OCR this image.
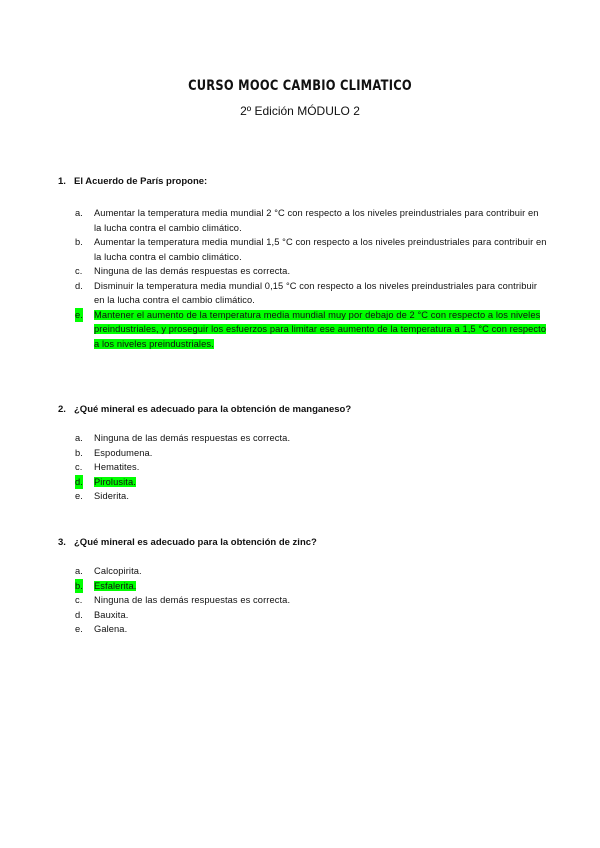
CURSO MOOC CAMBIO CLIMATICO
2º Edición MÓDULO 2
1. El Acuerdo de París propone:
a. Aumentar la temperatura media mundial 2 °C con respecto a los niveles preindustriales para contribuir en la lucha contra el cambio climático.
b. Aumentar la temperatura media mundial 1,5 °C con respecto a los niveles preindustriales para contribuir en la lucha contra el cambio climático.
c. Ninguna de las demás respuestas es correcta.
d. Disminuir la temperatura media mundial 0,15 °C con respecto a los niveles preindustriales para contribuir en la lucha contra el cambio climático.
e. Mantener el aumento de la temperatura media mundial muy por debajo de 2 °C con respecto a los niveles preindustriales, y proseguir los esfuerzos para limitar ese aumento de la temperatura a 1,5 °C con respecto a los niveles preindustriales.
2. ¿Qué mineral es adecuado para la obtención de manganeso?
a. Ninguna de las demás respuestas es correcta.
b. Espodumena.
c. Hematites.
d. Pirolusita.
e. Siderita.
3. ¿Qué mineral es adecuado para la obtención de zinc?
a. Calcopirita.
b. Esfalerita.
c. Ninguna de las demás respuestas es correcta.
d. Bauxita.
e. Galena.
